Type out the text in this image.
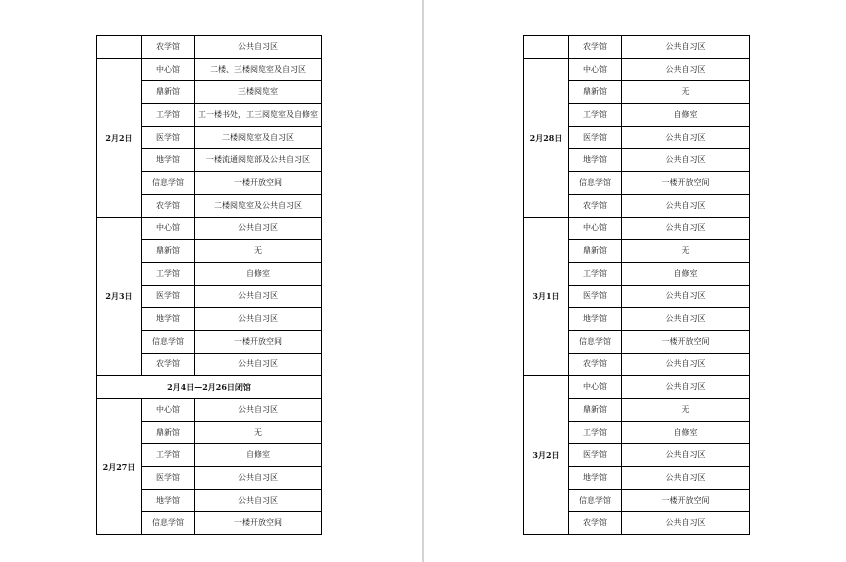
	农学馆	公共自习区
2月2日	中心馆	二楼、三楼阅览室及自习区
	鼎新馆	三楼阅览室
	工学馆	工一楼书处，工三阅览室及自修室
	医学馆	二楼阅览室及自习区
	地学馆	一楼流通阅览部及公共自习区
	信息学馆	一楼开放空间
	农学馆	二楼阅览室及公共自习区
2月3日	中心馆	公共自习区
	鼎新馆	无
	工学馆	自修室
	医学馆	公共自习区
	地学馆	公共自习区
	信息学馆	一楼开放空间
	农学馆	公共自习区
2月4日—2月26日闭馆		
2月27日	中心馆	公共自习区
	鼎新馆	无
	工学馆	自修室
	医学馆	公共自习区
	地学馆	公共自习区
	信息学馆	一楼开放空间
	农学馆	公共自习区
2月28日	中心馆	公共自习区
	鼎新馆	无
	工学馆	自修室
	医学馆	公共自习区
	地学馆	公共自习区
	信息学馆	一楼开放空间
	农学馆	公共自习区
3月1日	中心馆	公共自习区
	鼎新馆	无
	工学馆	自修室
	医学馆	公共自习区
	地学馆	公共自习区
	信息学馆	一楼开放空间
	农学馆	公共自习区
3月2日	中心馆	公共自习区
	鼎新馆	无
	工学馆	自修室
	医学馆	公共自习区
	地学馆	公共自习区
	信息学馆	一楼开放空间
	农学馆	公共自习区
